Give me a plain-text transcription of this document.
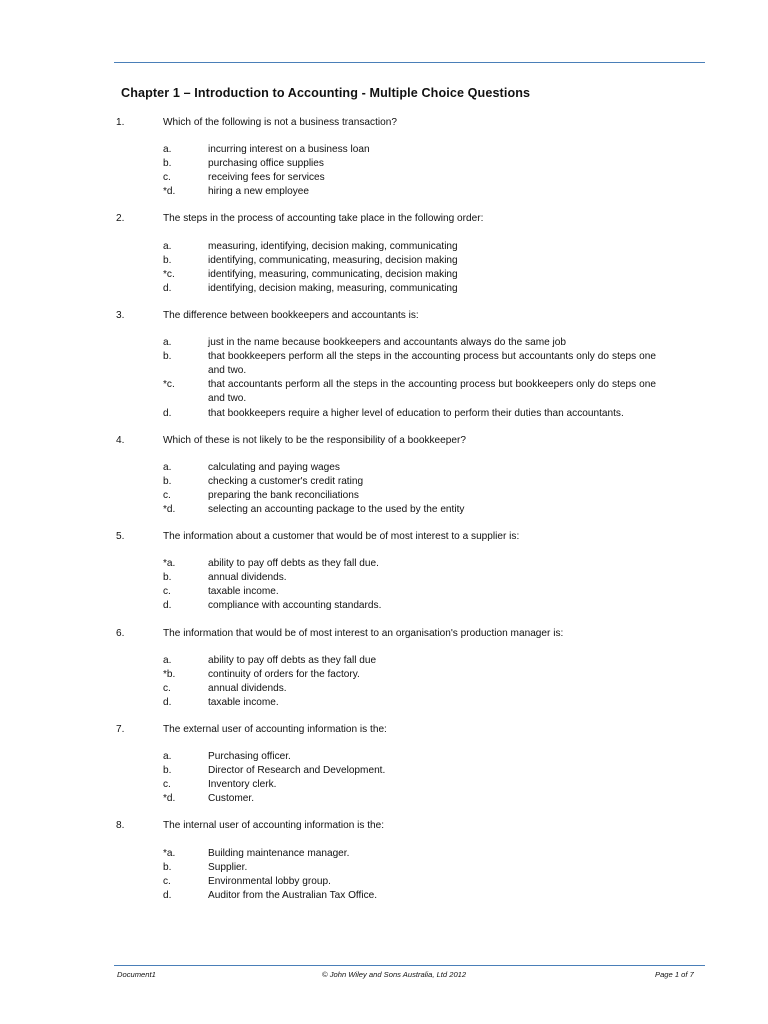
Chapter 1 – Introduction to Accounting - Multiple Choice Questions
1.	Which of the following is not a business transaction?
a.	incurring interest on a business loan
b.	purchasing office supplies
c.	receiving fees for services
*d.	hiring a new employee
2.	The steps in the process of accounting take place in the following order:
a.	measuring, identifying, decision making, communicating
b.	identifying, communicating, measuring, decision making
*c.	identifying, measuring, communicating, decision making
d.	identifying, decision making, measuring, communicating
3.	The difference between bookkeepers and accountants is:
a.	just in the name because bookkeepers and accountants always do the same job
b.	that bookkeepers perform all the steps in the accounting process but accountants only do steps one and two.
*c.	that accountants perform all the steps in the accounting process but bookkeepers only do steps one and two.
d.	that bookkeepers require a higher level of education to perform their duties than accountants.
4.	Which of these is not likely to be the responsibility of a bookkeeper?
a.	calculating and paying wages
b.	checking a customer's credit rating
c.	preparing the bank reconciliations
*d.	selecting an accounting package to the used by the entity
5.	The information about a customer that would be of most interest to a supplier is:
*a.	ability to pay off debts as they fall due.
b.	annual dividends.
c.	taxable income.
d.	compliance with accounting standards.
6.	The information that would be of most interest to an organisation's production manager is:
a.	ability to pay off debts as they fall due
*b.	continuity of orders for the factory.
c.	annual dividends.
d.	taxable income.
7.	The external user of accounting information is the:
a.	Purchasing officer.
b.	Director of Research and Development.
c.	Inventory clerk.
*d.	Customer.
8.	The internal user of accounting information is the:
*a.	Building maintenance manager.
b.	Supplier.
c.	Environmental lobby group.
d.	Auditor from the Australian Tax Office.
Document1	© John Wiley and Sons Australia, Ltd 2012	Page 1 of 7
